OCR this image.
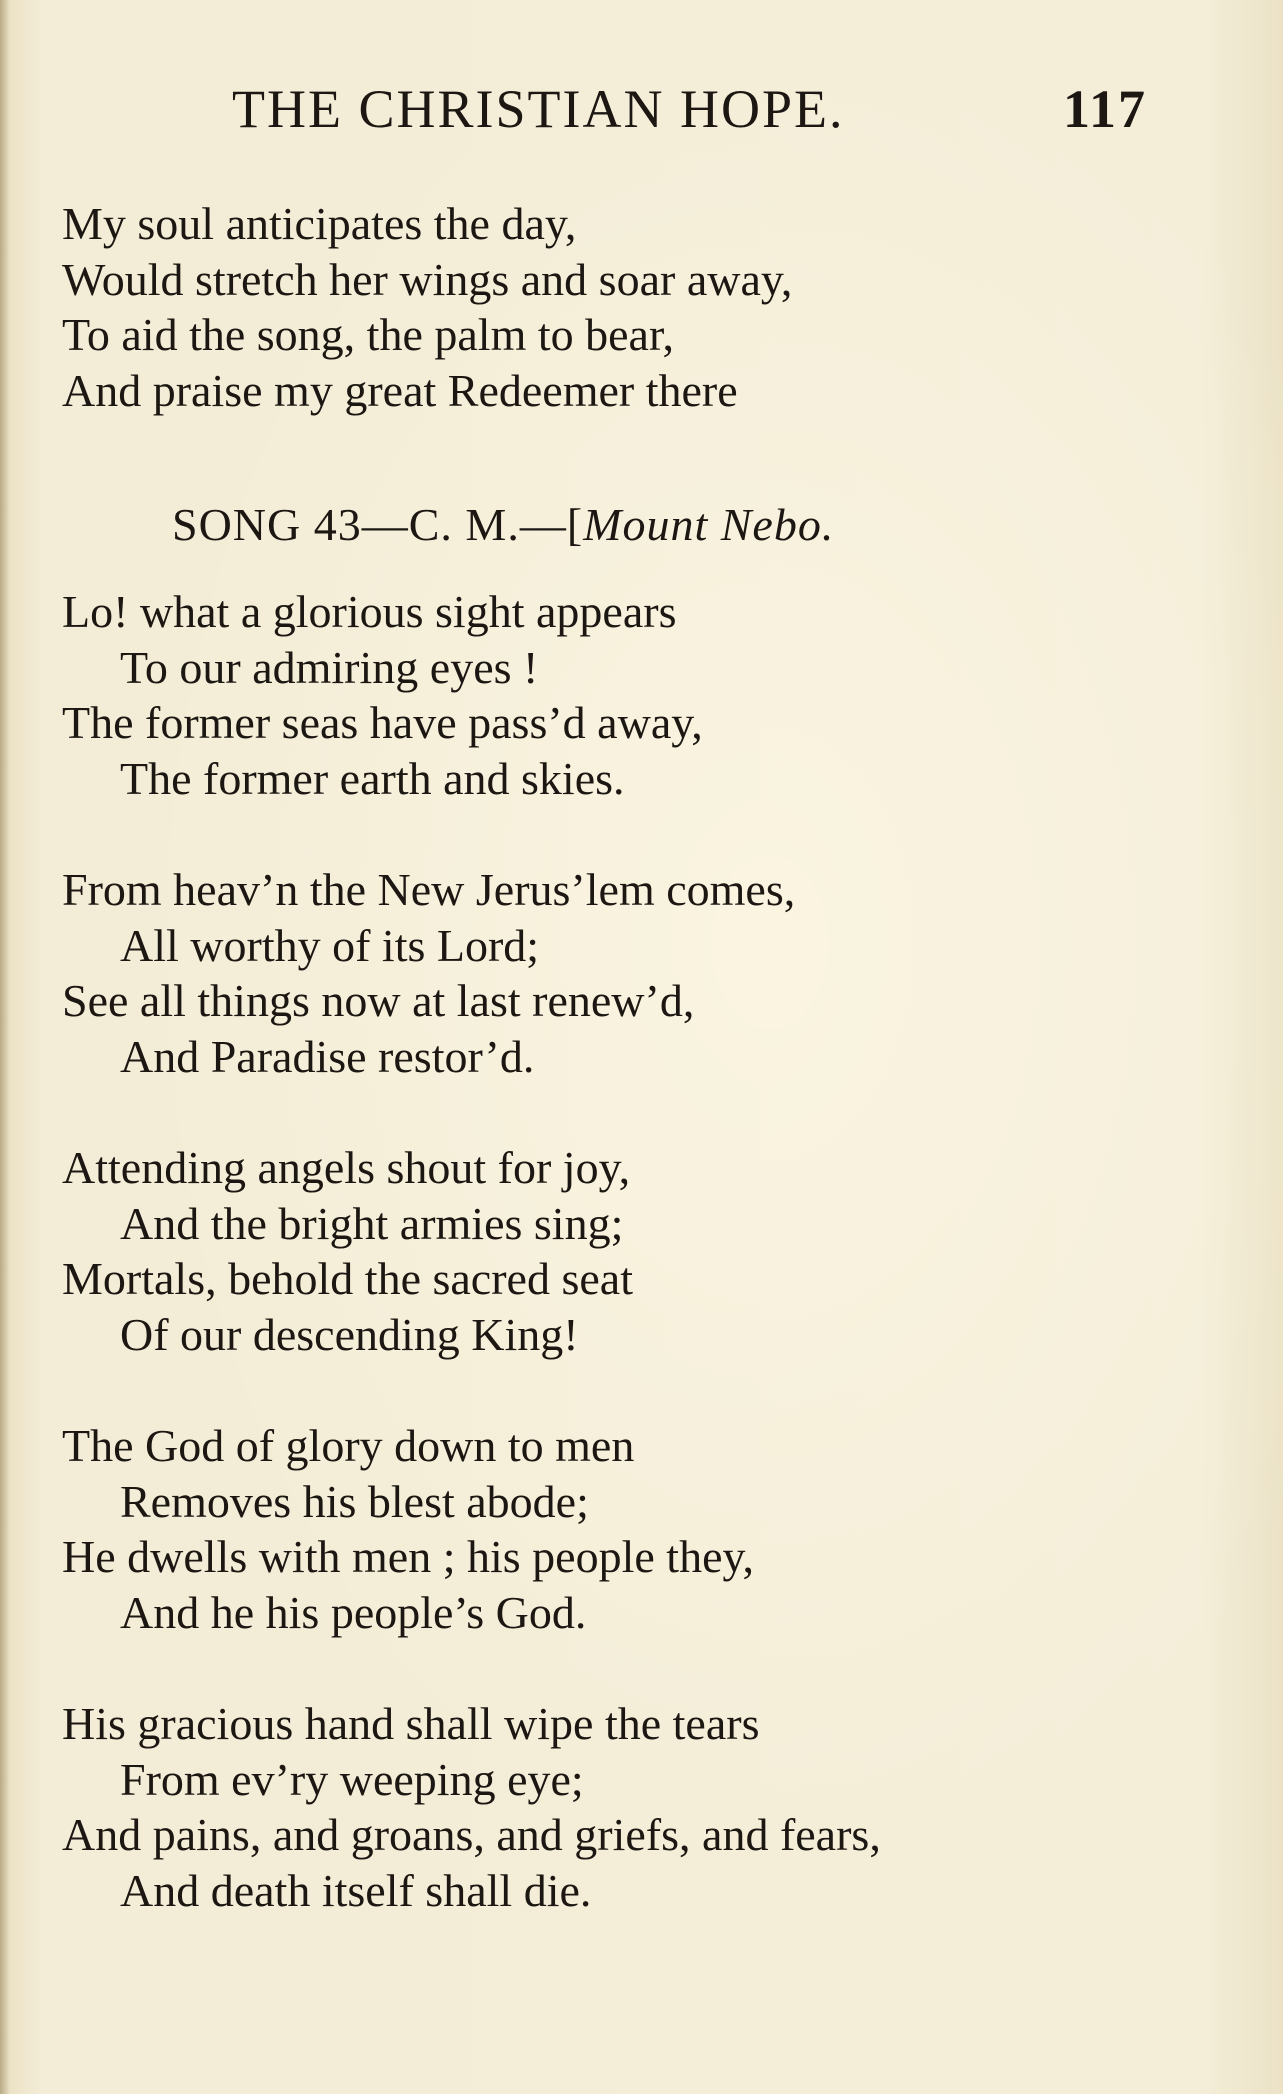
THE CHRISTIAN HOPE.	117
My soul anticipates the day,
Would stretch her wings and soar away,
To aid the song, the palm to bear,
And praise my great Redeemer there
SONG 43—C. M.—[Mount Nebo.
Lo! what a glorious sight appears
To our admiring eyes !
The former seas have pass’d away,
The former earth and skies.
From heav’n the New Jerus’lem comes,
All worthy of its Lord;
See all things now at last renew’d,
And Paradise restor’d.
Attending angels shout for joy,
And the bright armies sing;
Mortals, behold the sacred seat
Of our descending King!
The God of glory down to men
Removes his blest abode;
He dwells with men ; his people they,
And he his people’s God.
His gracious hand shall wipe the tears
From ev’ry weeping eye;
And pains, and groans, and griefs, and fears,
And death itself shall die.
